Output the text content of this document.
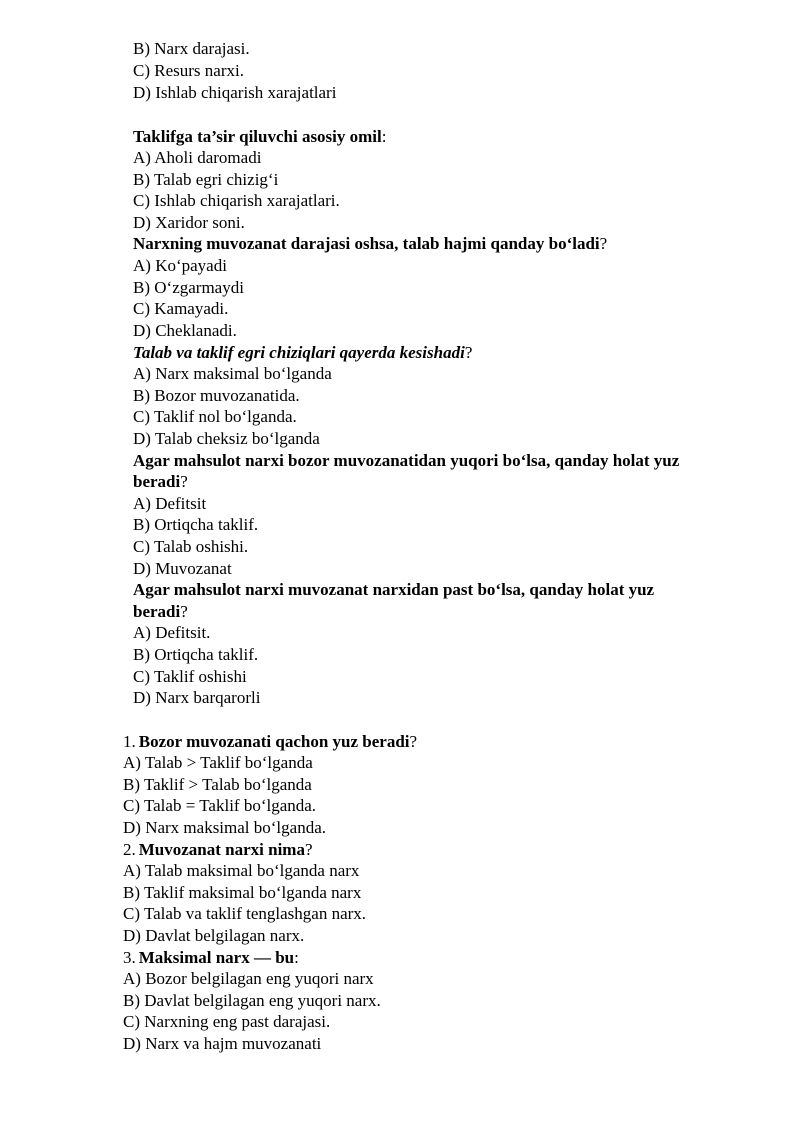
B) Narx darajasi.
C) Resurs narxi.
D) Ishlab chiqarish xarajatlari
Taklifga ta’sir qiluvchi asosiy omil:
A) Aholi daromadi
B) Talab egri chizig‘i
C) Ishlab chiqarish xarajatlari.
D) Xaridor soni.
Narxning muvozanat darajasi oshsa, talab hajmi qanday bo‘ladi?
A) Ko‘payadi
B) O‘zgarmaydi
C) Kamayadi.
D) Cheklanadi.
Talab va taklif egri chiziqlari qayerda kesishadi?
A) Narx maksimal bo‘lganda
B) Bozor muvozanatida.
C) Taklif nol bo‘lganda.
D) Talab cheksiz bo‘lganda
Agar mahsulot narxi bozor muvozanatidan yuqori bo‘lsa, qanday holat yuz
beradi?
A) Defitsit
B) Ortiqcha taklif.
C) Talab oshishi.
D) Muvozanat
Agar mahsulot narxi muvozanat narxidan past bo‘lsa, qanday holat yuz
beradi?
A) Defitsit.
B) Ortiqcha taklif.
C) Taklif oshishi
D) Narx barqarorli
1. Bozor muvozanati qachon yuz beradi?
A) Talab > Taklif bo‘lganda
B) Taklif > Talab bo‘lganda
C) Talab = Taklif bo‘lganda.
D) Narx maksimal bo‘lganda.
2. Muvozanat narxi nima?
A) Talab maksimal bo‘lganda narx
B) Taklif maksimal bo‘lganda narx
C) Talab va taklif tenglashgan narx.
D) Davlat belgilagan narx.
3. Maksimal narx — bu:
A) Bozor belgilagan eng yuqori narx
B) Davlat belgilagan eng yuqori narx.
C) Narxning eng past darajasi.
D) Narx va hajm muvozanati
